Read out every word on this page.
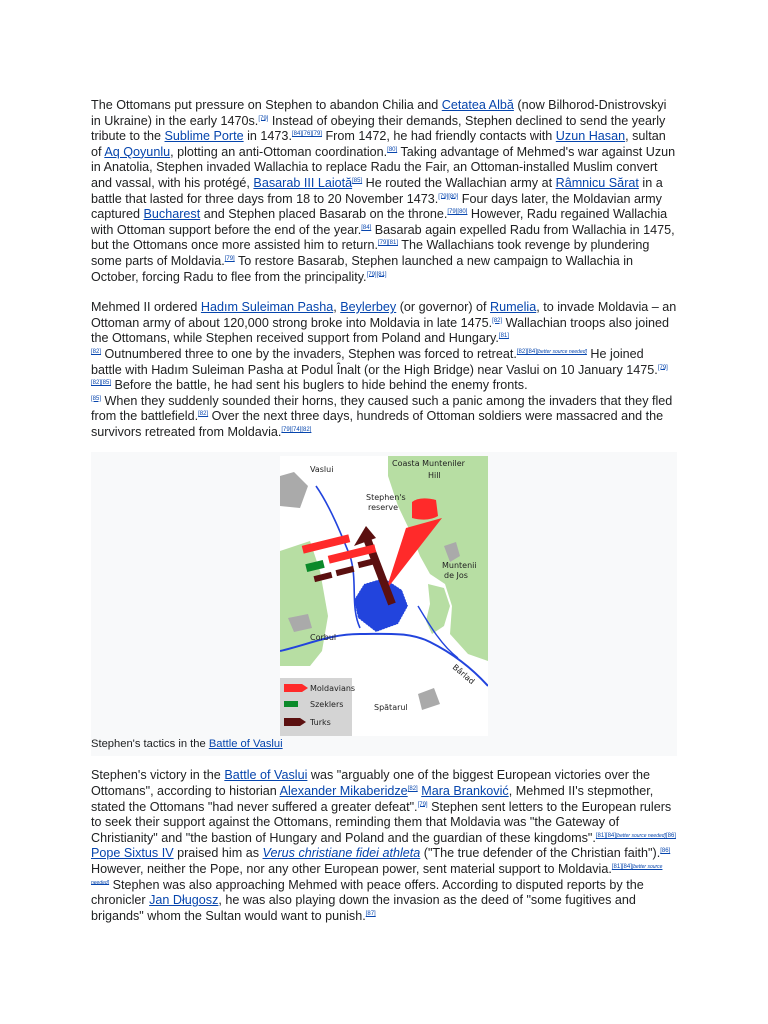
The Ottomans put pressure on Stephen to abandon Chilia and Cetatea Albă (now Bilhorod-Dnistrovskyi in Ukraine) in the early 1470s.[79] Instead of obeying their demands, Stephen declined to send the yearly tribute to the Sublime Porte in 1473.[84][76][79] From 1472, he had friendly contacts with Uzun Hasan, sultan of Aq Qoyunlu, plotting an anti-Ottoman coordination.[80] Taking advantage of Mehmed's war against Uzun in Anatolia, Stephen invaded Wallachia to replace Radu the Fair, an Ottoman-installed Muslim convert and vassal, with his protégé, Basarab III Laiotă[85] He routed the Wallachian army at Râmnicu Sărat in a battle that lasted for three days from 18 to 20 November 1473.[79][80] Four days later, the Moldavian army captured Bucharest and Stephen placed Basarab on the throne.[79][80] However, Radu regained Wallachia with Ottoman support before the end of the year.[84] Basarab again expelled Radu from Wallachia in 1475, but the Ottomans once more assisted him to return.[79][81] The Wallachians took revenge by plundering some parts of Moldavia.[79] To restore Basarab, Stephen launched a new campaign to Wallachia in October, forcing Radu to flee from the principality.[79][81]

Mehmed II ordered Hadım Suleiman Pasha, Beylerbey (or governor) of Rumelia, to invade Moldavia – an Ottoman army of about 120,000 strong broke into Moldavia in late 1475.[82] Wallachian troops also joined the Ottomans, while Stephen received support from Poland and Hungary.[81]
[82] Outnumbered three to one by the invaders, Stephen was forced to retreat.[82][84][better source needed] He joined battle with Hadım Suleiman Pasha at Podul Înalt (or the High Bridge) near Vaslui on 10 January 1475.[79][82][85] Before the battle, he had sent his buglers to hide behind the enemy fronts.
[85] When they suddenly sounded their horns, they caused such a panic among the invaders that they fled from the battlefield.[82] Over the next three days, hundreds of Ottoman soldiers were massacred and the survivors retreated from Moldavia.[79][74][82]

Vaslui
Coasta Munteniler
Hill
Stephen's
reserve
Muntenii
de Jos
Corbul
Bârlad
Spătarul
Moldavians
Szeklers
Turks
Stephen's tactics in the Battle of Vaslui

Stephen's victory in the Battle of Vaslui was "arguably one of the biggest European victories over the Ottomans", according to historian Alexander Mikaberidze[82] Mara Branković, Mehmed II's stepmother, stated the Ottomans "had never suffered a greater defeat".[79] Stephen sent letters to the European rulers to seek their support against the Ottomans, reminding them that Moldavia was "the Gateway of Christianity" and "the bastion of Hungary and Poland and the guardian of these kingdoms".[81][84][better source needed][86] Pope Sixtus IV praised him as Verus christiane fidei athleta ("The true defender of the Christian faith").[86] However, neither the Pope, nor any other European power, sent material support to Moldavia.[81][84][better source needed] Stephen was also approaching Mehmed with peace offers. According to disputed reports by the chronicler Jan Długosz, he was also playing down the invasion as the deed of "some fugitives and brigands" whom the Sultan would want to punish.[87]
